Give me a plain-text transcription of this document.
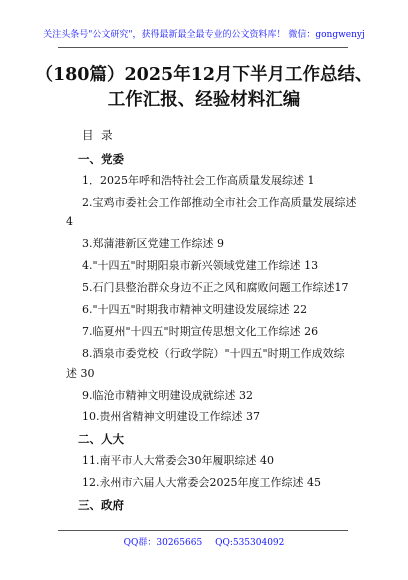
关注头条号"公文研究"，获得最新最全最专业的公文资料库！ 微信：gongwenyj
（180篇）2025年12月下半月工作总结、
工作汇报、经验材料汇编
目 录
一、党委
1．2025年呼和浩特社会工作高质量发展综述 1
2.宝鸡市委社会工作部推动全市社会工作高质量发展综述
4
3.郑蒲港新区党建工作综述 9
4."十四五"时期阳泉市新兴领域党建工作综述 13
5.石门县整治群众身边不正之风和腐败问题工作综述17
6."十四五"时期我市精神文明建设发展综述 22
7.临夏州"十四五"时期宣传思想文化工作综述 26
8.酒泉市委党校（行政学院）"十四五"时期工作成效综
述 30
9.临沧市精神文明建设成就综述 32
10.贵州省精神文明建设工作综述 37
二、人大
11.南平市人大常委会30年履职综述 40
12.永州市六届人大常委会2025年度工作综述 45
三、政府
QQ群：30265665 QQ:535304092
